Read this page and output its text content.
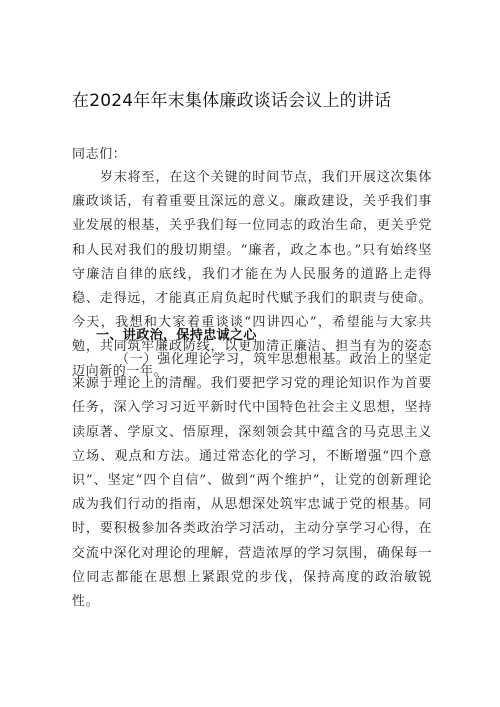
在2024年年末集体廉政谈话会议上的讲话
同志们：
岁末将至，在这个关键的时间节点，我们开展这次集体廉政谈话，有着重要且深远的意义。廉政建设，关乎我们事业发展的根基，关乎我们每一位同志的政治生命，更关乎党和人民对我们的殷切期望。“廉者，政之本也。”只有始终坚守廉洁自律的底线，我们才能在为人民服务的道路上走得稳、走得远，才能真正肩负起时代赋予我们的职责与使命。今天，我想和大家着重谈谈“四讲四心”，希望能与大家共勉，共同筑牢廉政防线，以更加清正廉洁、担当有为的姿态迈向新的一年。
一、讲政治，保持忠诚之心
（一）强化理论学习，筑牢思想根基。政治上的坚定来源于理论上的清醒。我们要把学习党的理论知识作为首要任务，深入学习习近平新时代中国特色社会主义思想，坚持读原著、学原文、悟原理，深刻领会其中蕴含的马克思主义立场、观点和方法。通过常态化的学习，不断增强“四个意识”、坚定“四个自信”、做到“两个维护”，让党的创新理论成为我们行动的指南，从思想深处筑牢忠诚于党的根基。同时，要积极参加各类政治学习活动，主动分享学习心得，在交流中深化对理论的理解，营造浓厚的学习氛围，确保每一位同志都能在思想上紧跟党的步伐，保持高度的政治敏锐性。
